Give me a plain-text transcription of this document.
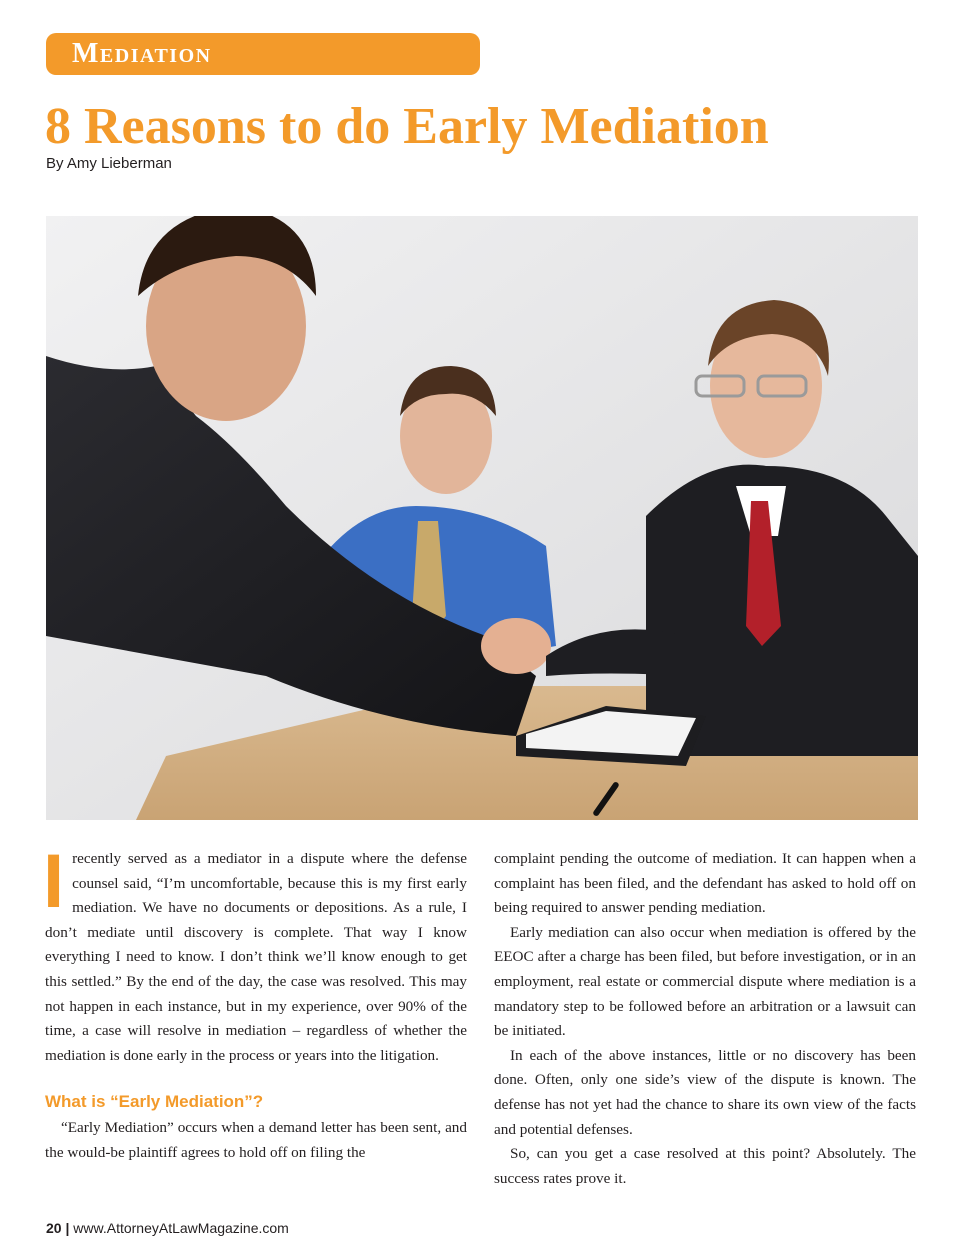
Mediation
8 Reasons to do Early Mediation
By Amy Lieberman

Irecently served as a mediator in a dispute where the defense counsel said, “I’m uncomfortable, because this is my first early mediation. We have no documents or depositions. As a rule, I don’t mediate until discovery is complete. That way I know everything I need to know. I don’t think we’ll know enough to get this settled.” By the end of the day, the case was resolved. This may not happen in each instance, but in my experience, over 90% of the time, a case will resolve in mediation – regardless of whether the mediation is done early in the process or years into the litigation.

What is “Early Mediation”?

“Early Mediation” occurs when a demand letter has been sent, and the would-be plaintiff agrees to hold off on filing the

complaint pending the outcome of mediation. It can happen when a complaint has been filed, and the defendant has asked to hold off on being required to answer pending mediation.

Early mediation can also occur when mediation is offered by the EEOC after a charge has been filed, but before investigation, or in an employment, real estate or commercial dispute where mediation is a mandatory step to be followed before an arbitration or a lawsuit can be initiated.

In each of the above instances, little or no discovery has been done. Often, only one side’s view of the dispute is known. The defense has not yet had the chance to share its own view of the facts and potential defenses.

So, can you get a case resolved at this point? Absolutely. The success rates prove it.

20 | www.AttorneyAtLawMagazine.com
